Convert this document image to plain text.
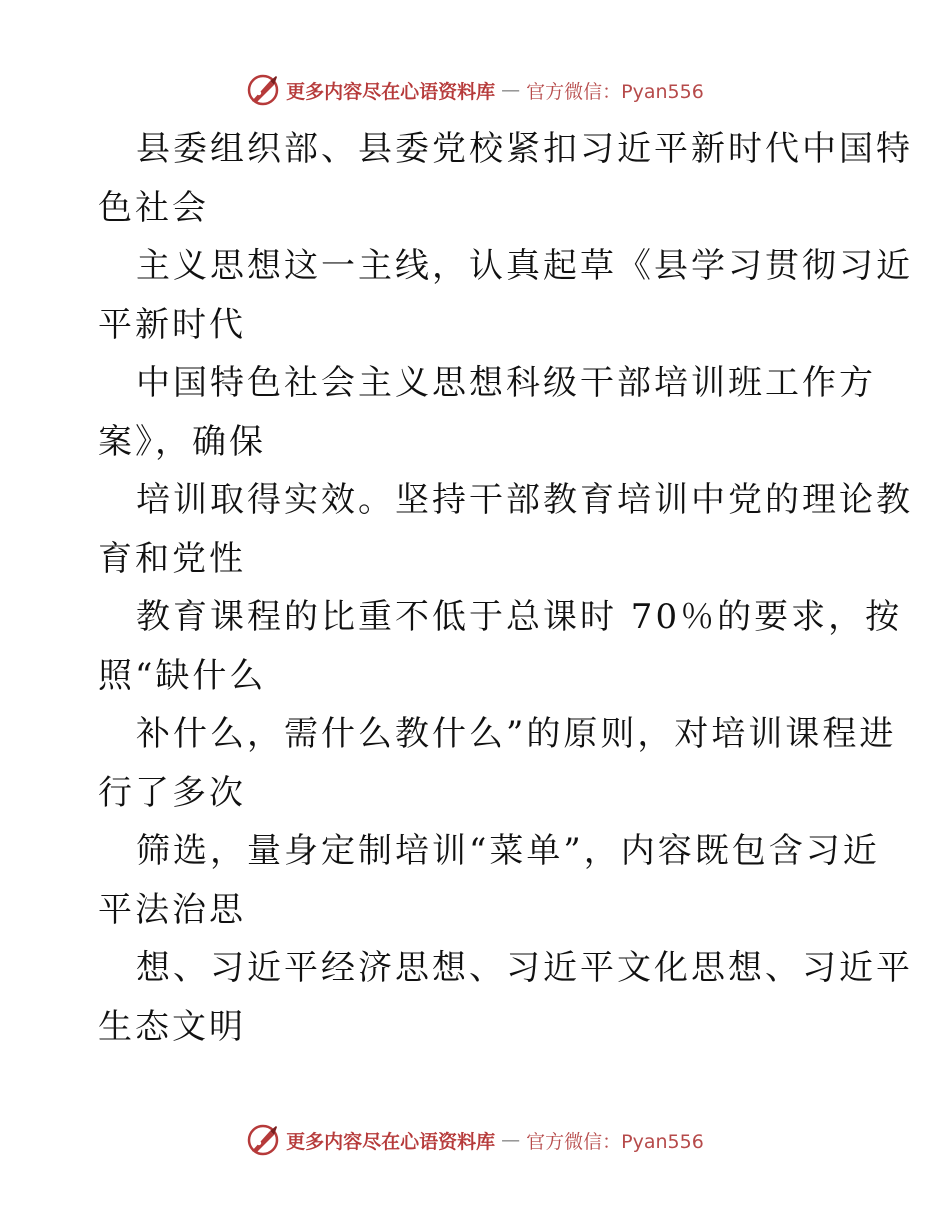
更多内容尽在心语资料库 — 官方微信：Pyan556
县委组织部、县委党校紧扣习近平新时代中国特
色社会
主义思想这一主线，认真起草《县学习贯彻习近
平新时代
中国特色社会主义思想科级干部培训班工作方
案》，确保
培训取得实效。坚持干部教育培训中党的理论教
育和党性
教育课程的比重不低于总课时 70％的要求，按
照“缺什么
补什么，需什么教什么”的原则，对培训课程进
行了多次
筛选，量身定制培训“菜单”，内容既包含习近
平法治思
想、习近平经济思想、习近平文化思想、习近平
生态文明
更多内容尽在心语资料库 — 官方微信：Pyan556
